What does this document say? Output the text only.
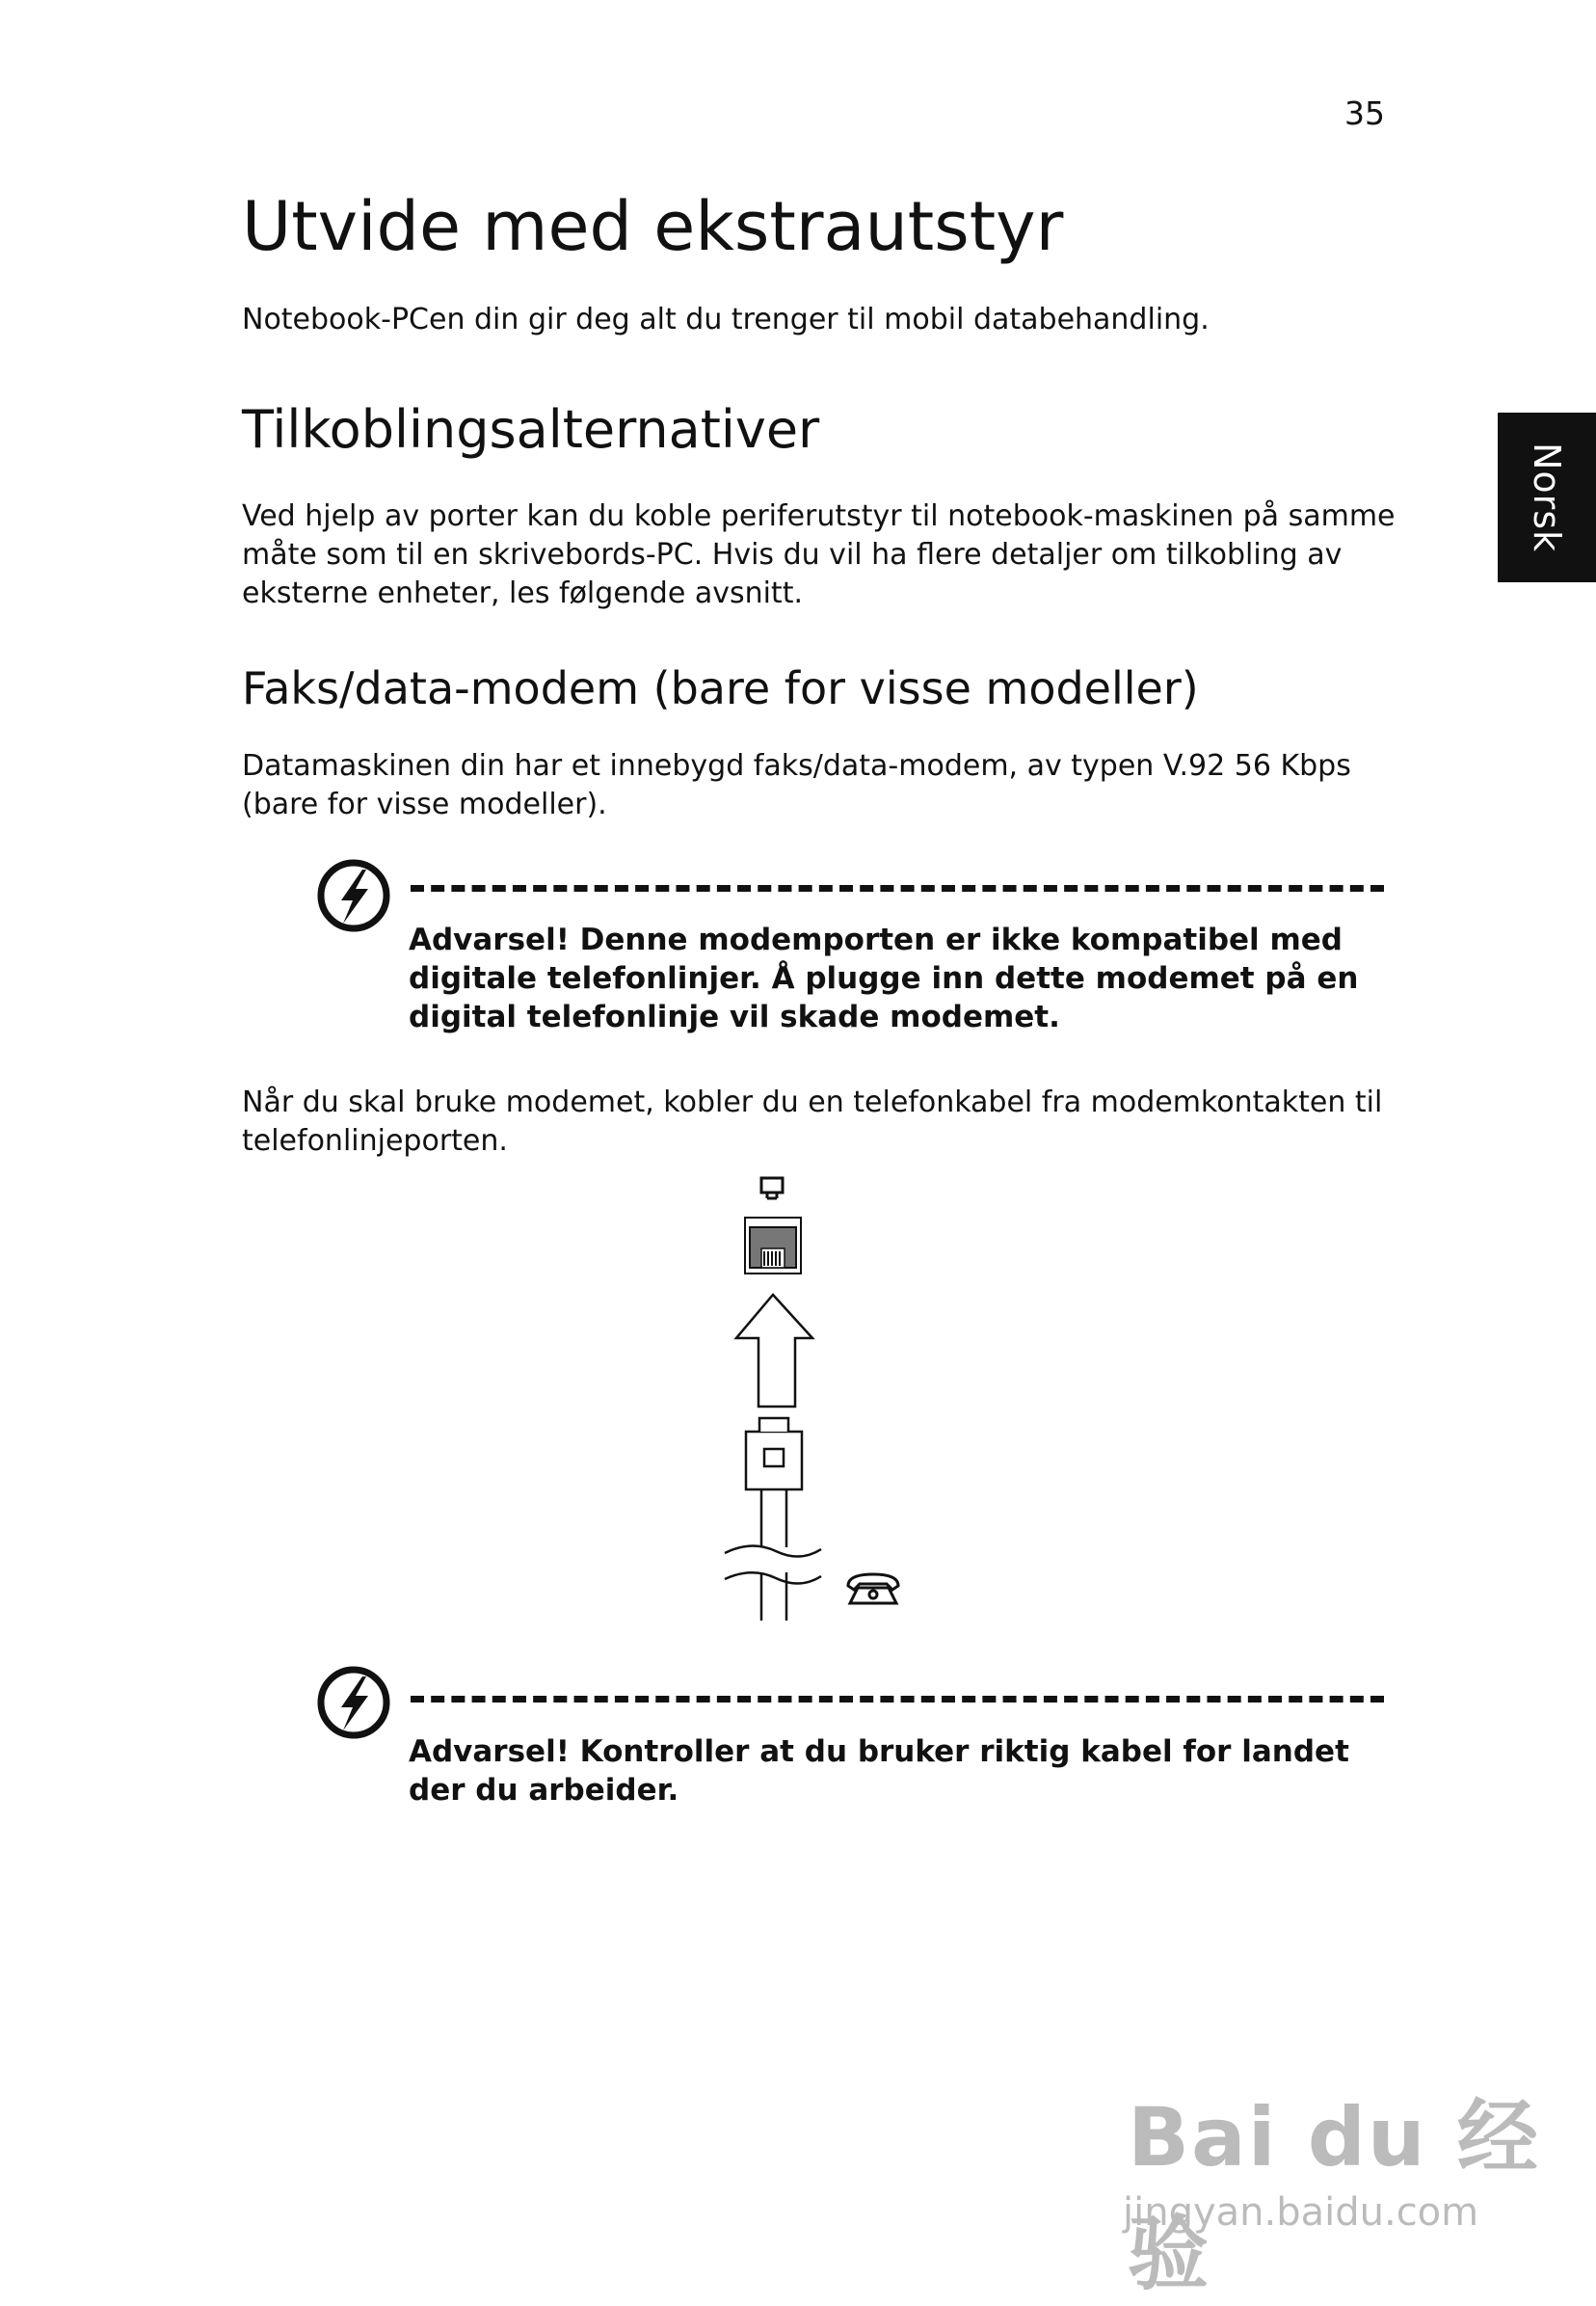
35
Norsk
Utvide med ekstrautstyr

Notebook-PCen din gir deg alt du trenger til mobil databehandling.

Tilkoblingsalternativer

Ved hjelp av porter kan du koble periferutstyr til notebook-maskinen på samme måte som til en skrivebords-PC. Hvis du vil ha flere detaljer om tilkobling av eksterne enheter, les følgende avsnitt.

Faks/data-modem (bare for visse modeller)

Datamaskinen din har et innebygd faks/data-modem, av typen V.92 56 Kbps (bare for visse modeller).

Advarsel! Denne modemporten er ikke kompatibel med digitale telefonlinjer. Å plugge inn dette modemet på en digital telefonlinje vil skade modemet.

Når du skal bruke modemet, kobler du en telefonkabel fra modemkontakten til telefonlinjeporten.

Advarsel! Kontroller at du bruker riktig kabel for landet der du arbeider.

Bai du 经验
jingyan.baidu.com
